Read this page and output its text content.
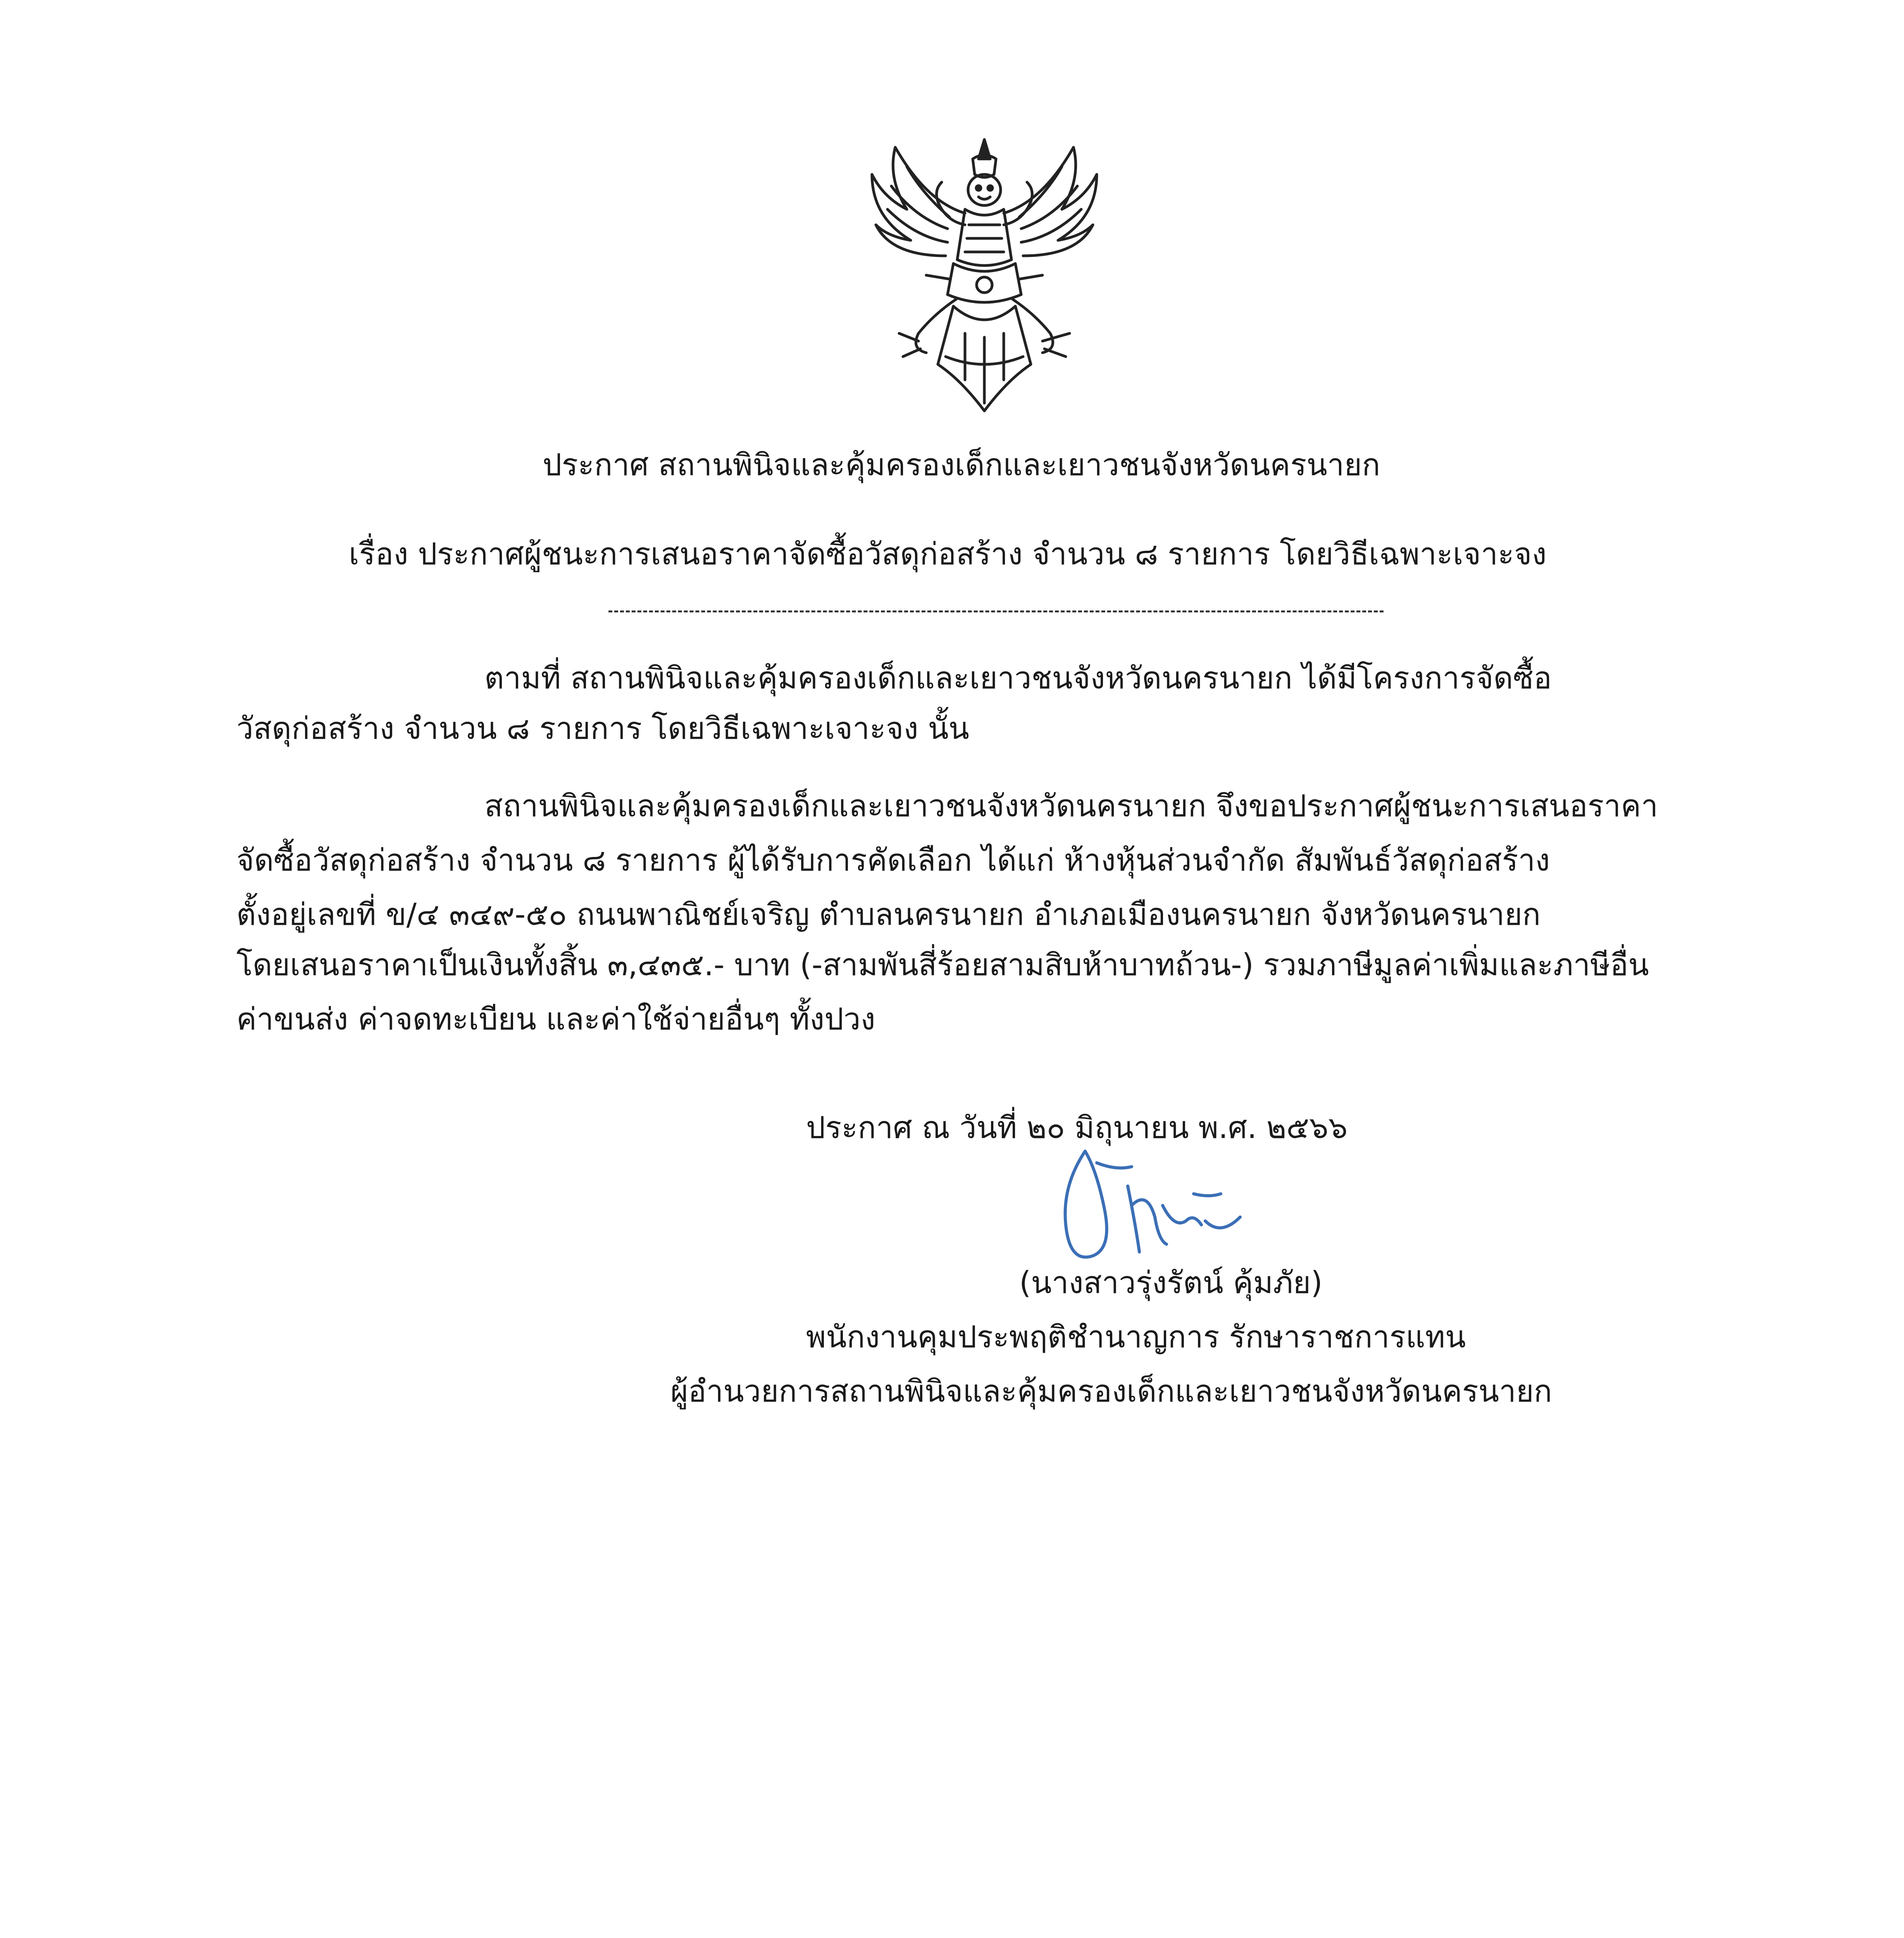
ประกาศ สถานพินิจและคุ้มครองเด็กและเยาวชนจังหวัดนครนายก
เรื่อง ประกาศผู้ชนะการเสนอราคาจัดซื้อวัสดุก่อสร้าง จำนวน ๘ รายการ โดยวิธีเฉพาะเจาะจง
ตามที่ สถานพินิจและคุ้มครองเด็กและเยาวชนจังหวัดนครนายก ได้มีโครงการจัดซื้อ
วัสดุก่อสร้าง จำนวน ๘ รายการ โดยวิธีเฉพาะเจาะจง นั้น
สถานพินิจและคุ้มครองเด็กและเยาวชนจังหวัดนครนายก จึงขอประกาศผู้ชนะการเสนอราคา
จัดซื้อวัสดุก่อสร้าง จำนวน ๘ รายการ ผู้ได้รับการคัดเลือก ได้แก่ ห้างหุ้นส่วนจำกัด สัมพันธ์วัสดุก่อสร้าง
ตั้งอยู่เลขที่ ข/๔ ๓๔๙-๕๐ ถนนพาณิชย์เจริญ ตำบลนครนายก อำเภอเมืองนครนายก จังหวัดนครนายก
โดยเสนอราคาเป็นเงินทั้งสิ้น ๓,๔๓๕.- บาท (-สามพันสี่ร้อยสามสิบห้าบาทถ้วน-) รวมภาษีมูลค่าเพิ่มและภาษีอื่น
ค่าขนส่ง ค่าจดทะเบียน และค่าใช้จ่ายอื่นๆ ทั้งปวง
ประกาศ ณ วันที่ ๒๐ มิถุนายน พ.ศ. ๒๕๖๖
(นางสาวรุ่งรัตน์ คุ้มภัย)
พนักงานคุมประพฤติชำนาญการ รักษาราชการแทน
ผู้อำนวยการสถานพินิจและคุ้มครองเด็กและเยาวชนจังหวัดนครนายก
